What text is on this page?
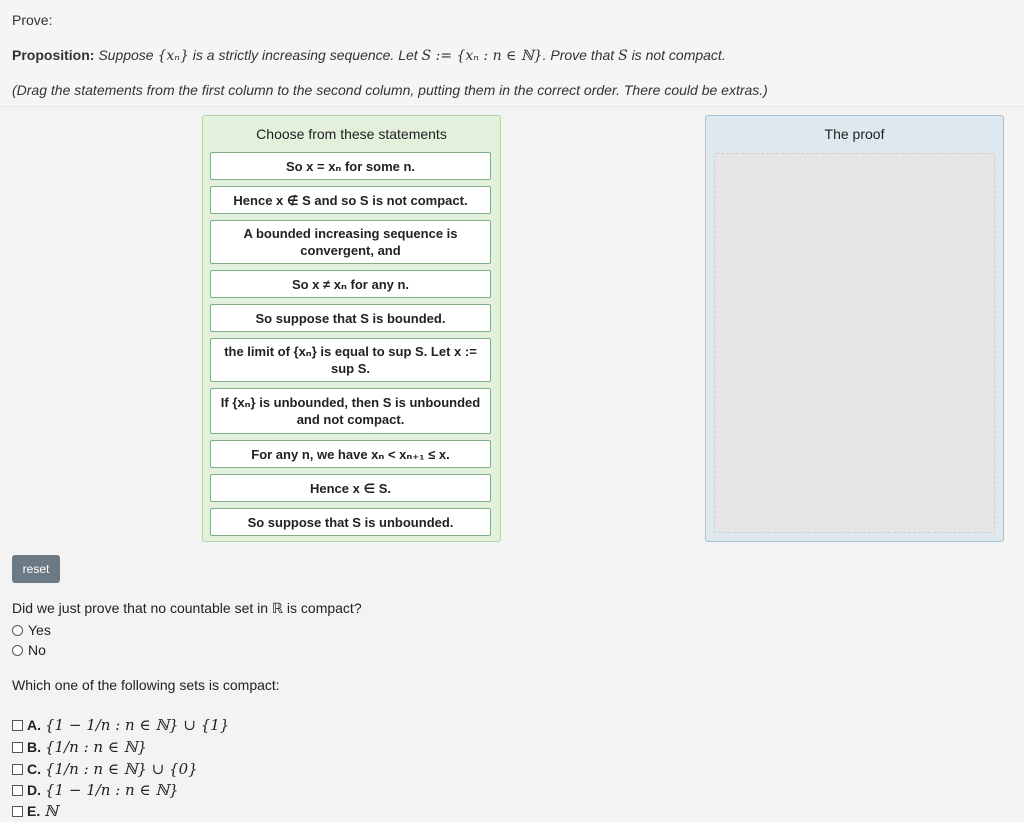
Prove:
Proposition: Suppose {xₙ} is a strictly increasing sequence. Let S := {xₙ : n ∈ ℕ}. Prove that S is not compact.
(Drag the statements from the first column to the second column, putting them in the correct order. There could be extras.)
Choose from these statements
So x = xₙ for some n.
Hence x ∉ S and so S is not compact.
A bounded increasing sequence is convergent, and
So x ≠ xₙ for any n.
So suppose that S is bounded.
the limit of {xₙ} is equal to sup S. Let x := sup S.
If {xₙ} is unbounded, then S is unbounded and not compact.
For any n, we have xₙ < xₙ₊₁ ≤ x.
Hence x ∈ S.
So suppose that S is unbounded.
The proof
reset
Did we just prove that no countable set in ℝ is compact?
Yes
No
Which one of the following sets is compact:
A. {1 − 1/n : n ∈ ℕ} ∪ {1}
B. {1/n : n ∈ ℕ}
C. {1/n : n ∈ ℕ} ∪ {0}
D. {1 − 1/n : n ∈ ℕ}
E. ℕ
